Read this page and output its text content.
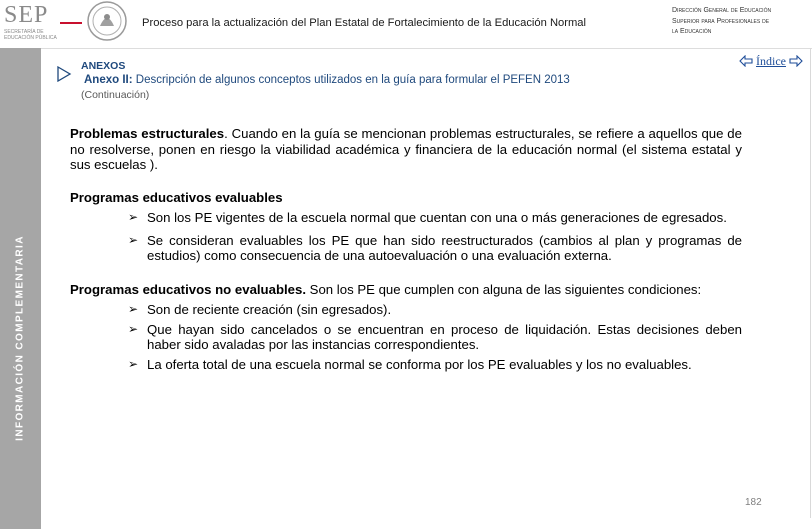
SEP
SECRETARÍA DE EDUCACIÓN PÚBLICA
Proceso para la actualización del Plan Estatal de Fortalecimiento de la Educación Normal
Dirección General de Educación
Superior para Profesionales de
la Educación
INFORMACIÓN COMPLEMENTARIA
ANEXOS
Anexo II: Descripción de algunos conceptos utilizados en la guía para formular el PEFEN 2013
(Continuación)
Índice

Problemas estructurales. Cuando en la guía se mencionan problemas estructurales, se refiere a aquellos que de no resolverse, ponen en riesgo la viabilidad académica y financiera de la educación normal (el sistema estatal y sus escuelas ).

Programas educativos evaluables

➢ Son los PE vigentes de la escuela normal que cuentan con una o más generaciones de egresados.
➢ Se consideran evaluables los PE que han sido reestructurados (cambios al plan y programas de estudios) como consecuencia de una autoevaluación o una evaluación externa.

Programas educativos no evaluables. Son los PE que cumplen con alguna de las siguientes condiciones:

➢ Son de reciente creación (sin egresados).
➢ Que hayan sido cancelados o se encuentran en proceso de liquidación. Estas decisiones deben haber sido avaladas por las instancias correspondientes.
➢ La oferta total de una escuela normal se conforma por los PE evaluables y los no evaluables.
182
